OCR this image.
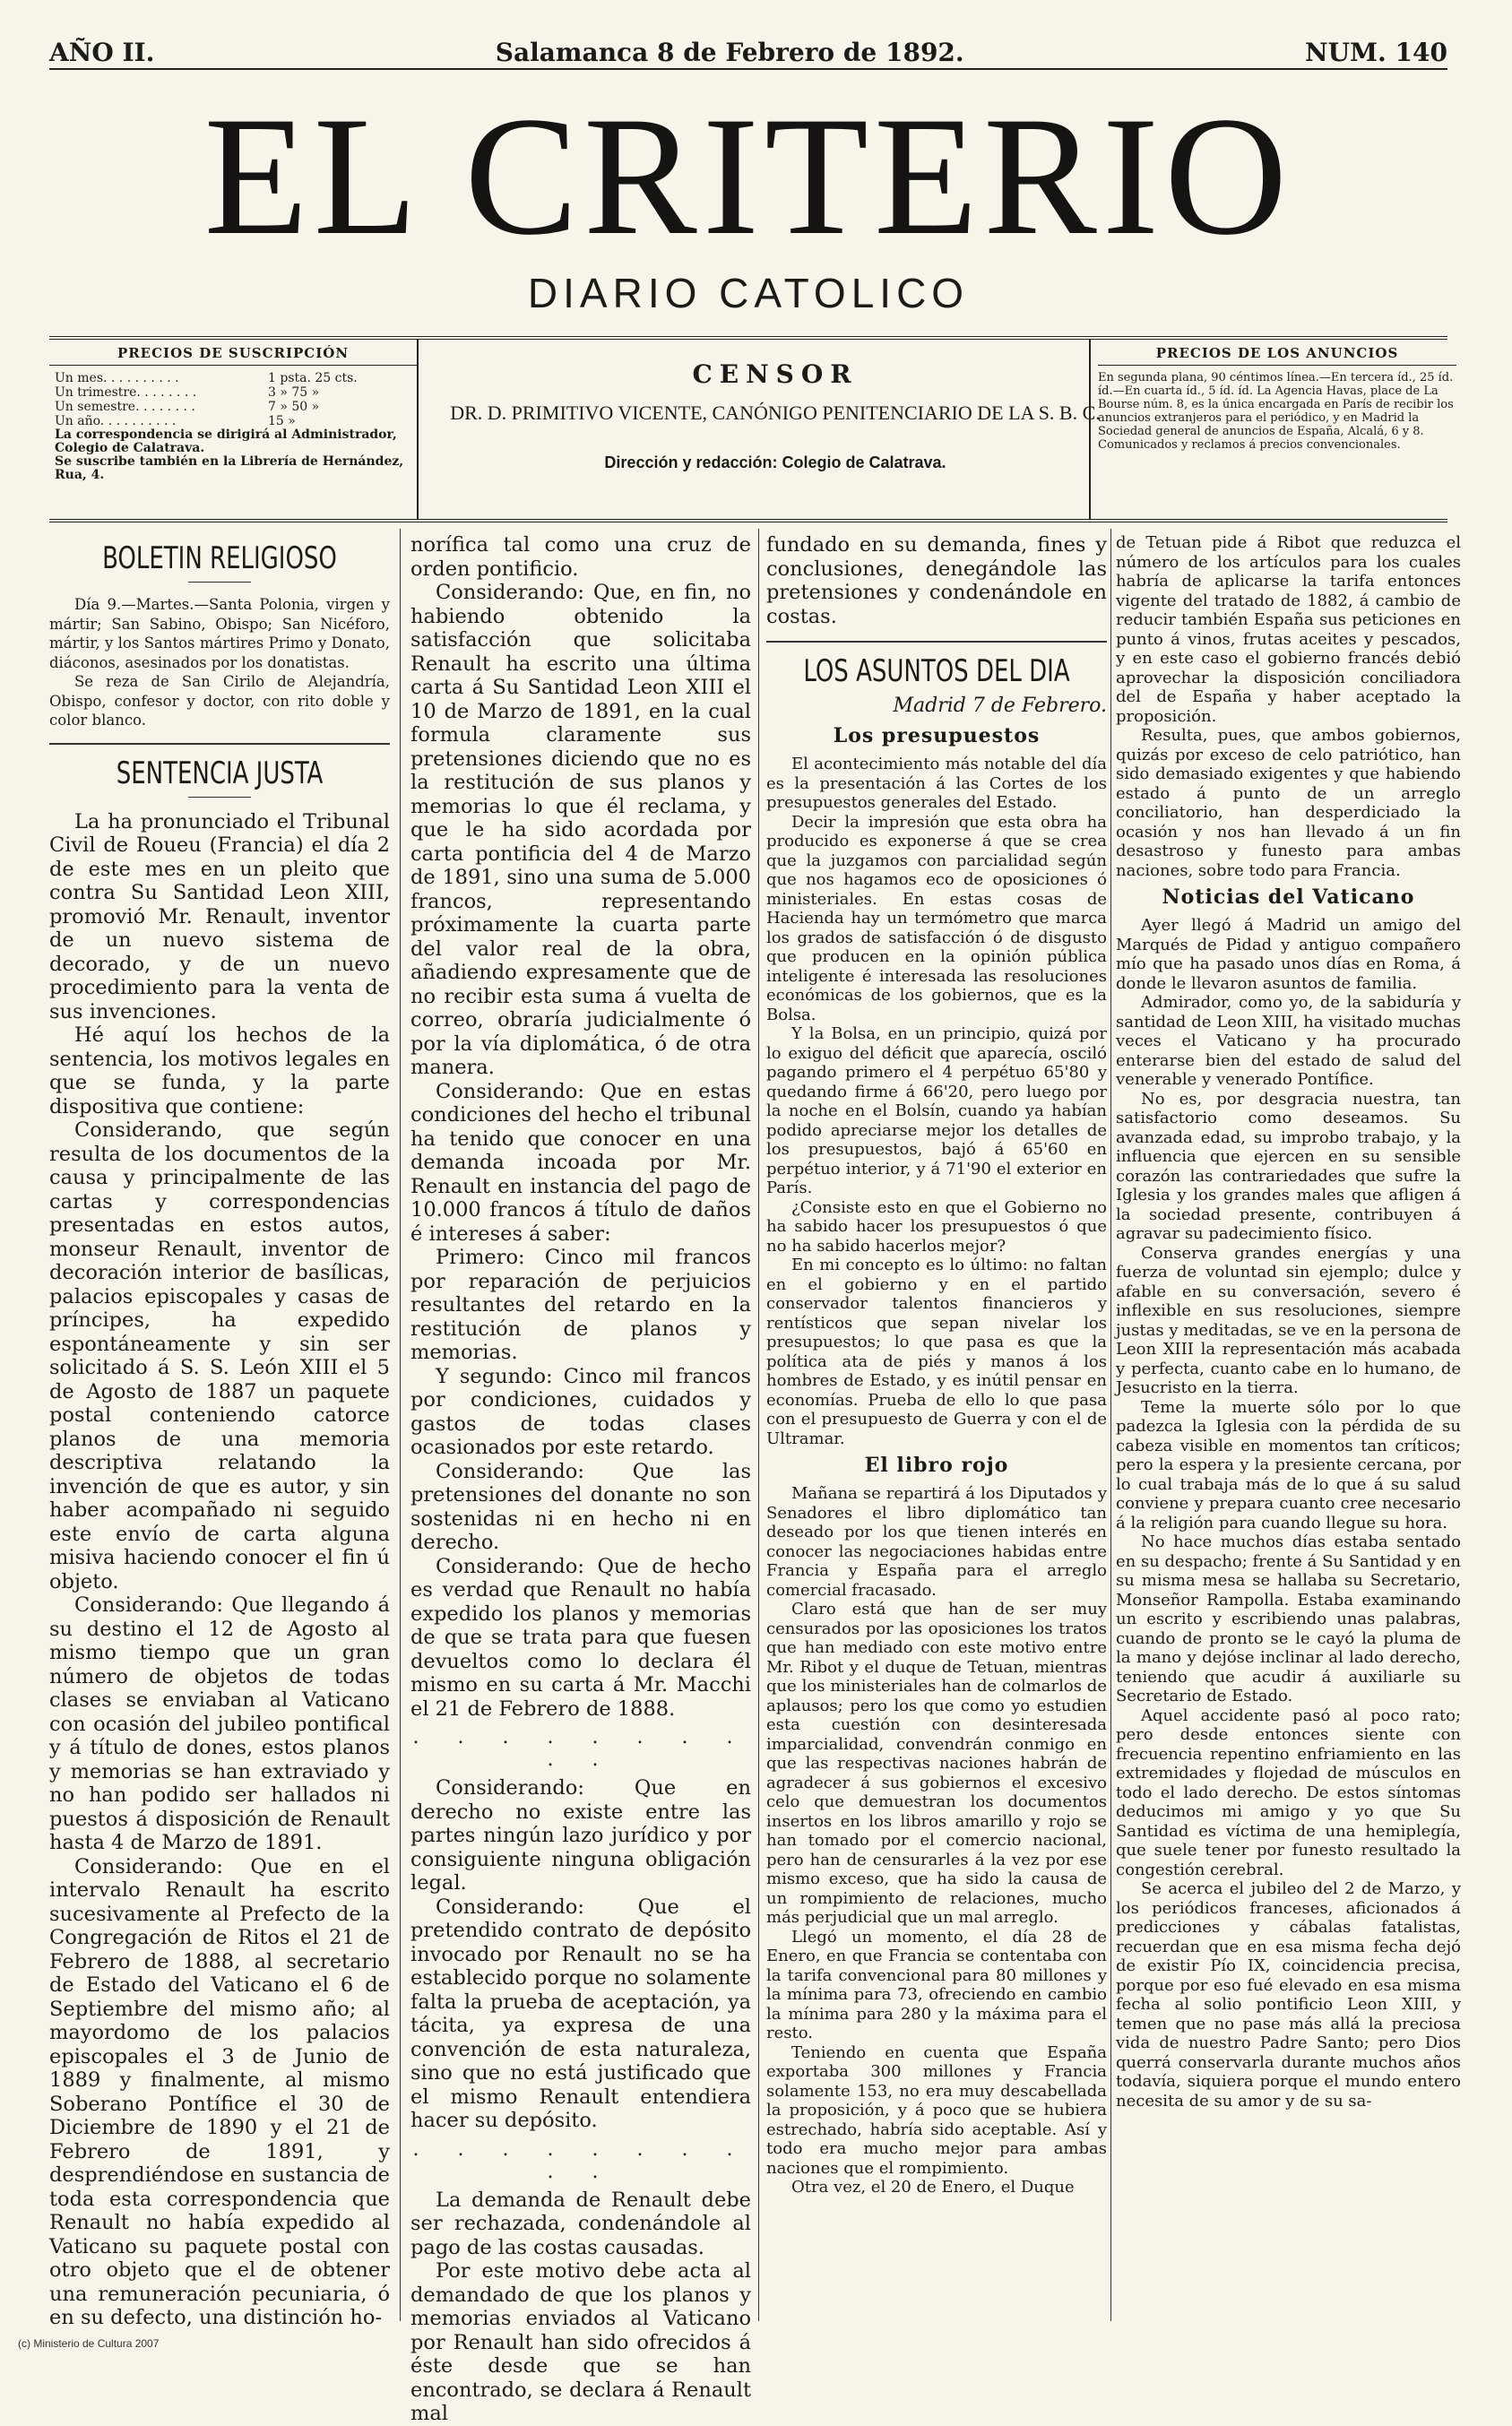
AÑO II.	Salamanca 8 de Febrero de 1892.	NUM. 140
EL CRITERIO
DIARIO CATOLICO
PRECIOS DE SUSCRIPCIÓN
Un mes. . . . . . . . . .	1 psta. 25 cts.
Un trimestre. . . . . . . .	3 » 75 »
Un semestre. . . . . . . .	7 » 50 »
Un año. . . . . . . . . .	15 »
La correspondencia se dirigirá al Administrador, Colegio de Calatrava.
Se suscribe también en la Librería de Hernández, Rua, 4.
CENSOR
DR. D. PRIMITIVO VICENTE, CANÓNIGO PENITENCIARIO DE LA S. B. C.
Dirección y redacción: Colegio de Calatrava.
PRECIOS DE LOS ANUNCIOS
En segunda plana, 90 céntimos línea.—En tercera íd., 25 íd. íd.—En cuarta íd., 5 íd. íd. La Agencia Havas, place de La Bourse núm. 8, es la única encargada en París de recibir los anuncios extranjeros para el periódico, y en Madrid la Sociedad general de anuncios de España, Alcalá, 6 y 8. Comunicados y reclamos á precios convencionales.
BOLETIN RELIGIOSO

Día 9.—Martes.—Santa Polonia, virgen y mártir; San Sabino, Obispo; San Nicéforo, mártir, y los Santos mártires Primo y Donato, diáconos, asesinados por los donatistas.

Se reza de San Cirilo de Alejandría, Obispo, confesor y doctor, con rito doble y color blanco.

SENTENCIA JUSTA

La ha pronunciado el Tribunal Civil de Roueu (Francia) el día 2 de este mes en un pleito que contra Su Santidad Leon XIII, promovió Mr. Renault, inventor de un nuevo sistema de decorado, y de un nuevo procedimiento para la venta de sus invenciones.

Hé aquí los hechos de la sentencia, los motivos legales en que se funda, y la parte dispositiva que contiene:

Considerando, que según resulta de los documentos de la causa y principalmente de las cartas y correspondencias presentadas en estos autos, monseur Renault, inventor de decoración interior de basílicas, palacios episcopales y casas de príncipes, ha expedido espontáneamente y sin ser solicitado á S. S. León XIII el 5 de Agosto de 1887 un paquete postal conteniendo catorce planos de una memoria descriptiva relatando la invención de que es autor, y sin haber acompañado ni seguido este envío de carta alguna misiva haciendo conocer el fin ú objeto.

Considerando: Que llegando á su destino el 12 de Agosto al mismo tiempo que un gran número de objetos de todas clases se enviaban al Vaticano con ocasión del jubileo pontifical y á título de dones, estos planos y memorias se han extraviado y no han podido ser hallados ni puestos á disposición de Renault hasta 4 de Marzo de 1891.

Considerando: Que en el intervalo Renault ha escrito sucesivamente al Prefecto de la Congregación de Ritos el 21 de Febrero de 1888, al secretario de Estado del Vaticano el 6 de Septiembre del mismo año; al mayordomo de los palacios episcopales el 3 de Junio de 1889 y finalmente, al mismo Soberano Pontífice el 30 de Diciembre de 1890 y el 21 de Febrero de 1891, y desprendiéndose en sustancia de toda esta correspondencia que Renault no había expedido al Vaticano su paquete postal con otro objeto que el de obtener una remuneración pecuniaria, ó en su defecto, una distinción ho-

norífica tal como una cruz de orden pontificio.

Considerando: Que, en fin, no habiendo obtenido la satisfacción que solicitaba Renault ha escrito una última carta á Su Santidad Leon XIII el 10 de Marzo de 1891, en la cual formula claramente sus pretensiones diciendo que no es la restitución de sus planos y memorias lo que él reclama, y que le ha sido acordada por carta pontificia del 4 de Marzo de 1891, sino una suma de 5.000 francos, representando próximamente la cuarta parte del valor real de la obra, añadiendo expresamente que de no recibir esta suma á vuelta de correo, obraría judicialmente ó por la vía diplomática, ó de otra manera.

Considerando: Que en estas condiciones del hecho el tribunal ha tenido que conocer en una demanda incoada por Mr. Renault en instancia del pago de 10.000 francos á título de daños é intereses á saber:

Primero: Cinco mil francos por reparación de perjuicios resultantes del retardo en la restitución de planos y memorias.

Y segundo: Cinco mil francos por condiciones, cuidados y gastos de todas clases ocasionados por este retardo.

Considerando: Que las pretensiones del donante no son sostenidas ni en hecho ni en derecho.

Considerando: Que de hecho es verdad que Renault no había expedido los planos y memorias de que se trata para que fuesen devueltos como lo declara él mismo en su carta á Mr. Macchi el 21 de Febrero de 1888.

. . . . . . . . . .

Considerando: Que en derecho no existe entre las partes ningún lazo jurídico y por consiguiente ninguna obligación legal.

Considerando: Que el pretendido contrato de depósito invocado por Renault no se ha establecido porque no solamente falta la prueba de aceptación, ya tácita, ya expresa de una convención de esta naturaleza, sino que no está justificado que el mismo Renault entendiera hacer su depósito.

. . . . . . . . . .

La demanda de Renault debe ser rechazada, condenándole al pago de las costas causadas.

Por este motivo debe acta al demandado de que los planos y memorias enviados al Vaticano por Renault han sido ofrecidos á éste desde que se han encontrado, se declara á Renault mal

fundado en su demanda, fines y conclusiones, denegándole las pretensiones y condenándole en costas.

LOS ASUNTOS DEL DIA
Madrid 7 de Febrero.
Los presupuestos

El acontecimiento más notable del día es la presentación á las Cortes de los presupuestos generales del Estado.

Decir la impresión que esta obra ha producido es exponerse á que se crea que la juzgamos con parcialidad según que nos hagamos eco de oposiciones ó ministeriales. En estas cosas de Hacienda hay un termómetro que marca los grados de satisfacción ó de disgusto que producen en la opinión pública inteligente é interesada las resoluciones económicas de los gobiernos, que es la Bolsa.

Y la Bolsa, en un principio, quizá por lo exiguo del déficit que aparecía, osciló pagando primero el 4 perpétuo 65'80 y quedando firme á 66'20, pero luego por la noche en el Bolsín, cuando ya habían podido apreciarse mejor los detalles de los presupuestos, bajó á 65'60 en perpétuo interior, y á 71'90 el exterior en París.

¿Consiste esto en que el Gobierno no ha sabido hacer los presupuestos ó que no ha sabido hacerlos mejor?

En mi concepto es lo último: no faltan en el gobierno y en el partido conservador talentos financieros y rentísticos que sepan nivelar los presupuestos; lo que pasa es que la política ata de piés y manos á los hombres de Estado, y es inútil pensar en economías. Prueba de ello lo que pasa con el presupuesto de Guerra y con el de Ultramar.

El libro rojo

Mañana se repartirá á los Diputados y Senadores el libro diplomático tan deseado por los que tienen interés en conocer las negociaciones habidas entre Francia y España para el arreglo comercial fracasado.

Claro está que han de ser muy censurados por las oposiciones los tratos que han mediado con este motivo entre Mr. Ribot y el duque de Tetuan, mientras que los ministeriales han de colmarlos de aplausos; pero los que como yo estudien esta cuestión con desinteresada imparcialidad, convendrán conmigo en que las respectivas naciones habrán de agradecer á sus gobiernos el excesivo celo que demuestran los documentos insertos en los libros amarillo y rojo se han tomado por el comercio nacional, pero han de censurarles á la vez por ese mismo exceso, que ha sido la causa de un rompimiento de relaciones, mucho más perjudicial que un mal arreglo.

Llegó un momento, el día 28 de Enero, en que Francia se contentaba con la tarifa convencional para 80 millones y la mínima para 73, ofreciendo en cambio la mínima para 280 y la máxima para el resto.

Teniendo en cuenta que España exportaba 300 millones y Francia solamente 153, no era muy descabellada la proposición, y á poco que se hubiera estrechado, habría sido aceptable. Así y todo era mucho mejor para ambas naciones que el rompimiento.

Otra vez, el 20 de Enero, el Duque

de Tetuan pide á Ribot que reduzca el número de los artículos para los cuales habría de aplicarse la tarifa entonces vigente del tratado de 1882, á cambio de reducir también España sus peticiones en punto á vinos, frutas aceites y pescados, y en este caso el gobierno francés debió aprovechar la disposición conciliadora del de España y haber aceptado la proposición.

Resulta, pues, que ambos gobiernos, quizás por exceso de celo patriótico, han sido demasiado exigentes y que habiendo estado á punto de un arreglo conciliatorio, han desperdiciado la ocasión y nos han llevado á un fin desastroso y funesto para ambas naciones, sobre todo para Francia.

Noticias del Vaticano

Ayer llegó á Madrid un amigo del Marqués de Pidad y antiguo compañero mío que ha pasado unos días en Roma, á donde le llevaron asuntos de familia.

Admirador, como yo, de la sabiduría y santidad de Leon XIII, ha visitado muchas veces el Vaticano y ha procurado enterarse bien del estado de salud del venerable y venerado Pontífice.

No es, por desgracia nuestra, tan satisfactorio como deseamos. Su avanzada edad, su improbo trabajo, y la influencia que ejercen en su sensible corazón las contrariedades que sufre la Iglesia y los grandes males que afligen á la sociedad presente, contribuyen á agravar su padecimiento físico.

Conserva grandes energías y una fuerza de voluntad sin ejemplo; dulce y afable en su conversación, severo é inflexible en sus resoluciones, siempre justas y meditadas, se ve en la persona de Leon XIII la representación más acabada y perfecta, cuanto cabe en lo humano, de Jesucristo en la tierra.

Teme la muerte sólo por lo que padezca la Iglesia con la pérdida de su cabeza visible en momentos tan críticos; pero la espera y la presiente cercana, por lo cual trabaja más de lo que á su salud conviene y prepara cuanto cree necesario á la religión para cuando llegue su hora.

No hace muchos días estaba sentado en su despacho; frente á Su Santidad y en su misma mesa se hallaba su Secretario, Monseñor Rampolla. Estaba examinando un escrito y escribiendo unas palabras, cuando de pronto se le cayó la pluma de la mano y dejóse inclinar al lado derecho, teniendo que acudir á auxiliarle su Secretario de Estado.

Aquel accidente pasó al poco rato; pero desde entonces siente con frecuencia repentino enfriamiento en las extremidades y flojedad de músculos en todo el lado derecho. De estos síntomas deducimos mi amigo y yo que Su Santidad es víctima de una hemiplegía, que suele tener por funesto resultado la congestión cerebral.

Se acerca el jubileo del 2 de Marzo, y los periódicos franceses, aficionados á predicciones y cábalas fatalistas, recuerdan que en esa misma fecha dejó de existir Pío IX, coincidencia precisa, porque por eso fué elevado en esa misma fecha al solio pontificio Leon XIII, y temen que no pase más allá la preciosa vida de nuestro Padre Santo; pero Dios querrá conservarla durante muchos años todavía, siquiera porque el mundo entero necesita de su amor y de su sa-

(c) Ministerio de Cultura 2007
